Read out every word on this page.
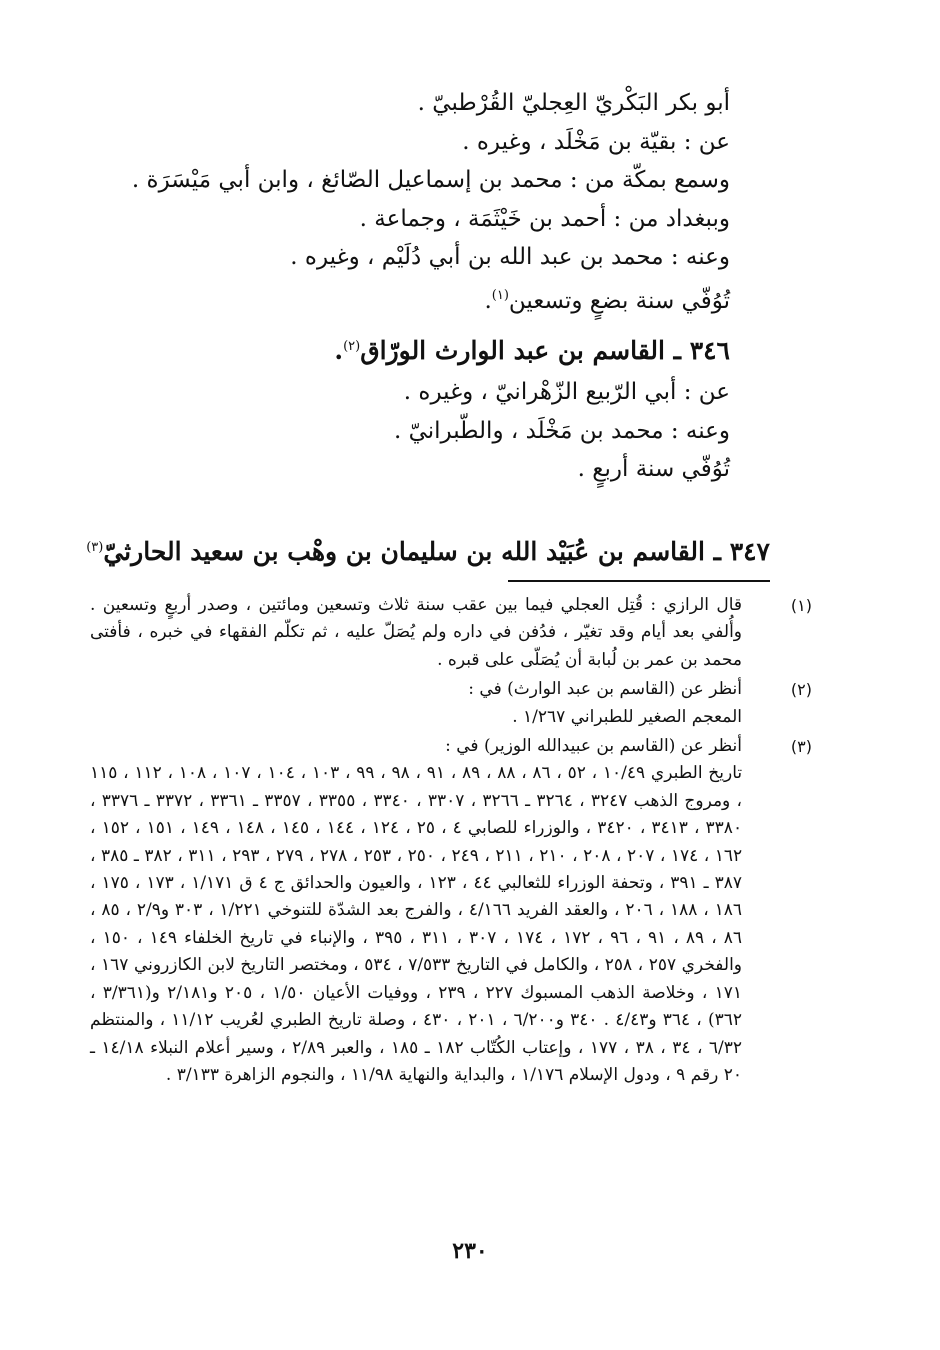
أبو بكر البَكْريّ العِجليّ القُرْطبيّ .
عن : بقيّة بن مَخْلَد ، وغيره .
وسمع بمكّة من : محمد بن إسماعيل الصّائغ ، وابن أبي مَيْسَرَة .
وببغداد من : أحمد بن خَيْثَمَة ، وجماعة .
وعنه : محمد بن عبد الله بن أبي دُلَيْم ، وغيره .
تُوُفّي سنة بضعٍ وتسعين$^{(١)}$.
٣٤٦ ـ القاسم بن عبد الوارث الورّاق$^{(٢)}$.
عن : أبي الرّبيع الزّهْرانيّ ، وغيره .
وعنه : محمد بن مَخْلَد ، والطّبرانيّ .
تُوُفّي سنة أربعٍ .
٣٤٧ ـ القاسم بن عُبَيْد الله بن سليمان بن وهْب بن سعيد الحارثيّ$^{(٣)}$
(١)

قال الرازي : قُتِل العجلي فيما بين عقب سنة ثلاث وتسعين ومائتين ، وصدر أربعٍ وتسعين . وأُلفي بعد أيام وقد تغيّر ، فدُفن في داره ولم يُصَلّ عليه ، ثم تكلّم الفقهاء في خبره ، فأفتى محمد بن عمر بن لُبابة أن يُصَلّى على قبره .

(٢)

أنظر عن (القاسم بن عبد الوارث) في :

المعجم الصغير للطبراني ١/٢٦٧ .

(٣)

أنظر عن (القاسم بن عبيدالله الوزير) في :

تاريخ الطبري ١٠/٤٩ ، ٥٢ ، ٨٦ ، ٨٨ ، ٨٩ ، ٩١ ، ٩٨ ، ٩٩ ، ١٠٣ ، ١٠٤ ، ١٠٧ ، ١٠٨ ، ١١٢ ، ١١٥ ، ومروج الذهب ٣٢٤٧ ، ٣٢٦٤ ـ ٣٢٦٦ ، ٣٣٠٧ ، ٣٣٤٠ ، ٣٣٥٥ ، ٣٣٥٧ ـ ٣٣٦١ ، ٣٣٧٢ ـ ٣٣٧٦ ، ٣٣٨٠ ، ٣٤١٣ ، ٣٤٢٠ ، والوزراء للصابي ٤ ، ٢٥ ، ١٢٤ ، ١٤٤ ، ١٤٥ ، ١٤٨ ، ١٤٩ ، ١٥١ ، ١٥٢ ، ١٦٢ ، ١٧٤ ، ٢٠٧ ، ٢٠٨ ، ٢١٠ ، ٢١١ ، ٢٤٩ ، ٢٥٠ ، ٢٥٣ ، ٢٧٨ ، ٢٧٩ ، ٢٩٣ ، ٣١١ ، ٣٨٢ ـ ٣٨٥ ، ٣٨٧ ـ ٣٩١ ، وتحفة الوزراء للثعالبي ٤٤ ، ١٢٣ ، والعيون والحدائق ج ٤ ق ١/١٧١ ، ١٧٣ ، ١٧٥ ، ١٨٦ ، ١٨٨ ، ٢٠٦ ، والعقد الفريد ٤/١٦٦ ، والفرج بعد الشدّة للتنوخي ١/٢٢١ ، ٣٠٣ و٢/٩ ، ٨٥ ، ٨٦ ، ٨٩ ، ٩١ ، ٩٦ ، ١٧٢ ، ١٧٤ ، ٣٠٧ ، ٣١١ ، ٣٩٥ ، والإنباء في تاريخ الخلفاء ١٤٩ ، ١٥٠ ، والفخري ٢٥٧ ، ٢٥٨ ، والكامل في التاريخ ٧/٥٣٣ ، ٥٣٤ ، ومختصر التاريخ لابن الكازروني ١٦٧ ، ١٧١ ، وخلاصة الذهب المسبوك ٢٢٧ ، ٢٣٩ ، ووفيات الأعيان ١/٥٠ ، ٢٠٥ و٢/١٨١ و(٣/٣٦١ ، ٣٦٢) ، ٣٦٤ و٤/٤٣ . ٣٤٠ و٦/٢٠٠ ، ٢٠١ ، ٤٣٠ ، وصلة تاريخ الطبري لعُريب ١١/١٢ ، والمنتظم ٦/٣٢ ، ٣٤ ، ٣٨ ، ١٧٧ ، وإعتاب الكُتّاب ١٨٢ ـ ١٨٥ ، والعبر ٢/٨٩ ، وسير أعلام النبلاء ١٤/١٨ ـ ٢٠ رقم ٩ ، ودول الإسلام ١/١٧٦ ، والبداية والنهاية ١١/٩٨ ، والنجوم الزاهرة ٣/١٣٣ .

٢٣٠
